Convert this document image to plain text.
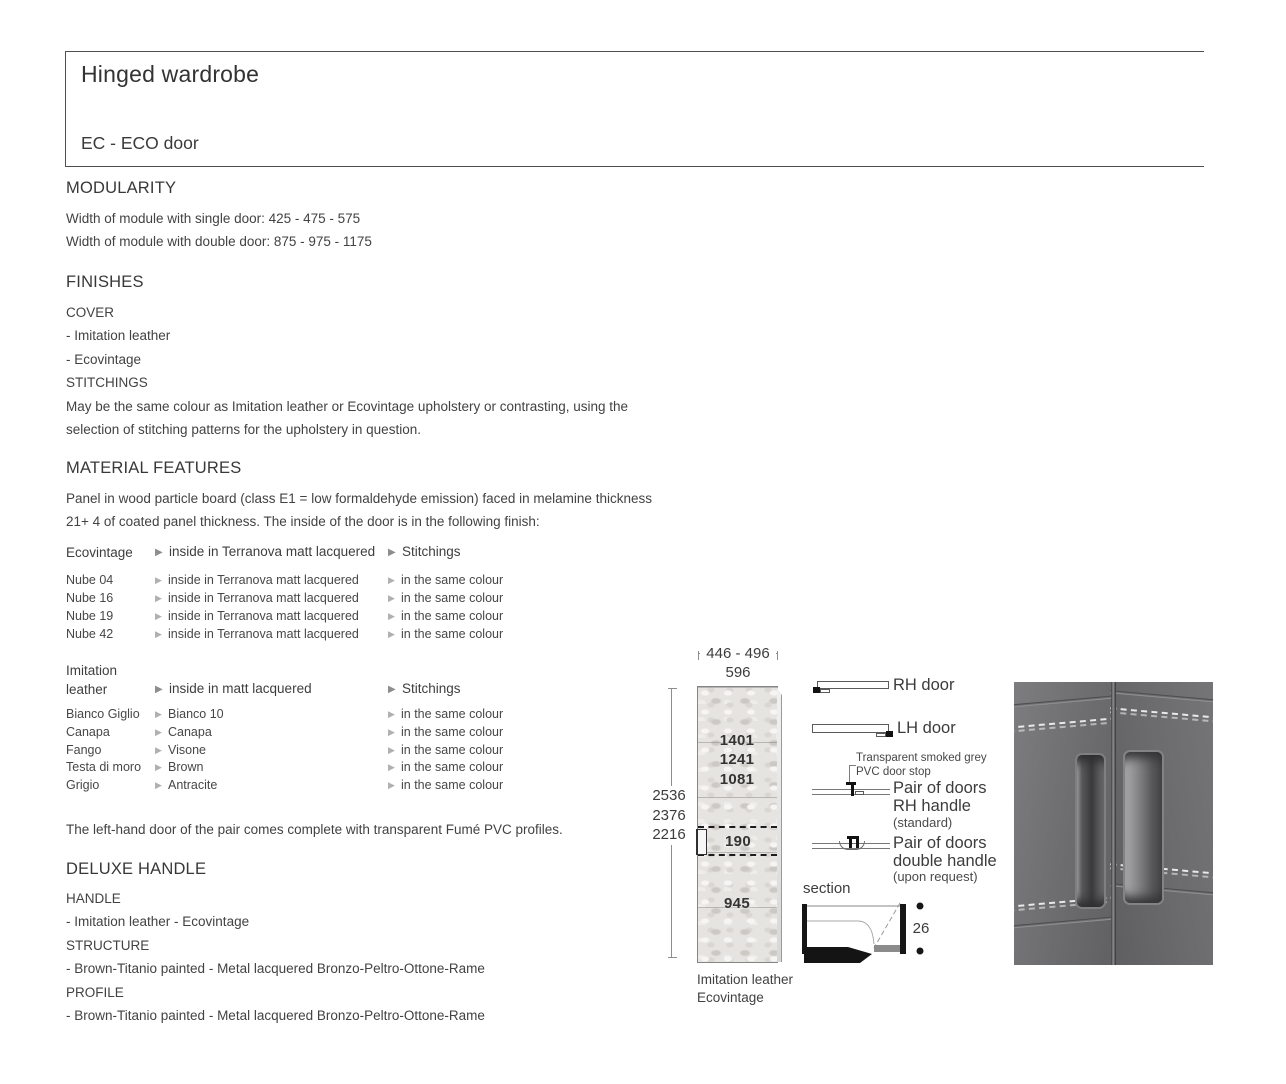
Hinged wardrobe
EC - ECO door
MODULARITY

Width of module with single door: 425 - 475 - 575

Width of module with double door: 875 - 975 - 1175

FINISHES

COVER

- Imitation leather

- Ecovintage

STITCHINGS

May be the same colour as Imitation leather or Ecovintage upholstery or contrasting, using the selection of stitching patterns for the upholstery in question.

MATERIAL FEATURES

Panel in wood particle board (class E1 = low formaldehyde emission) faced in melamine thickness 21+ 4 of coated panel thickness. The inside of the door is in the following finish:

Ecovintage	▶ inside in Terranova matt lacquered	▶ Stitchings
Nube 04	▶ inside in Terranova matt lacquered	▶ in the same colour
Nube 16	▶ inside in Terranova matt lacquered	▶ in the same colour
Nube 19	▶ inside in Terranova matt lacquered	▶ in the same colour
Nube 42	▶ inside in Terranova matt lacquered	▶ in the same colour
Imitation leather	▶ inside in matt lacquered	▶ Stitchings
Bianco Giglio	▶ Bianco 10	▶ in the same colour
Canapa	▶ Canapa	▶ in the same colour
Fango	▶ Visone	▶ in the same colour
Testa di moro	▶ Brown	▶ in the same colour
Grigio	▶ Antracite	▶ in the same colour

The left-hand door of the pair comes complete with transparent Fumé PVC profiles.

DELUXE HANDLE

HANDLE

- Imitation leather - Ecovintage

STRUCTURE

- Brown-Titanio painted - Metal lacquered Bronzo-Peltro-Ottone-Rame

PROFILE

- Brown-Titanio painted - Metal lacquered Bronzo-Peltro-Ottone-Rame

446 - 496
596
2536
2376
2216
1401
1241
1081
190
945
Imitation leather
Ecovintage
RH door
LH door
Transparent smoked grey
PVC door stop
Pair of doors
RH handle
(standard)
Pair of doors
double handle
(upon request)
section
26
